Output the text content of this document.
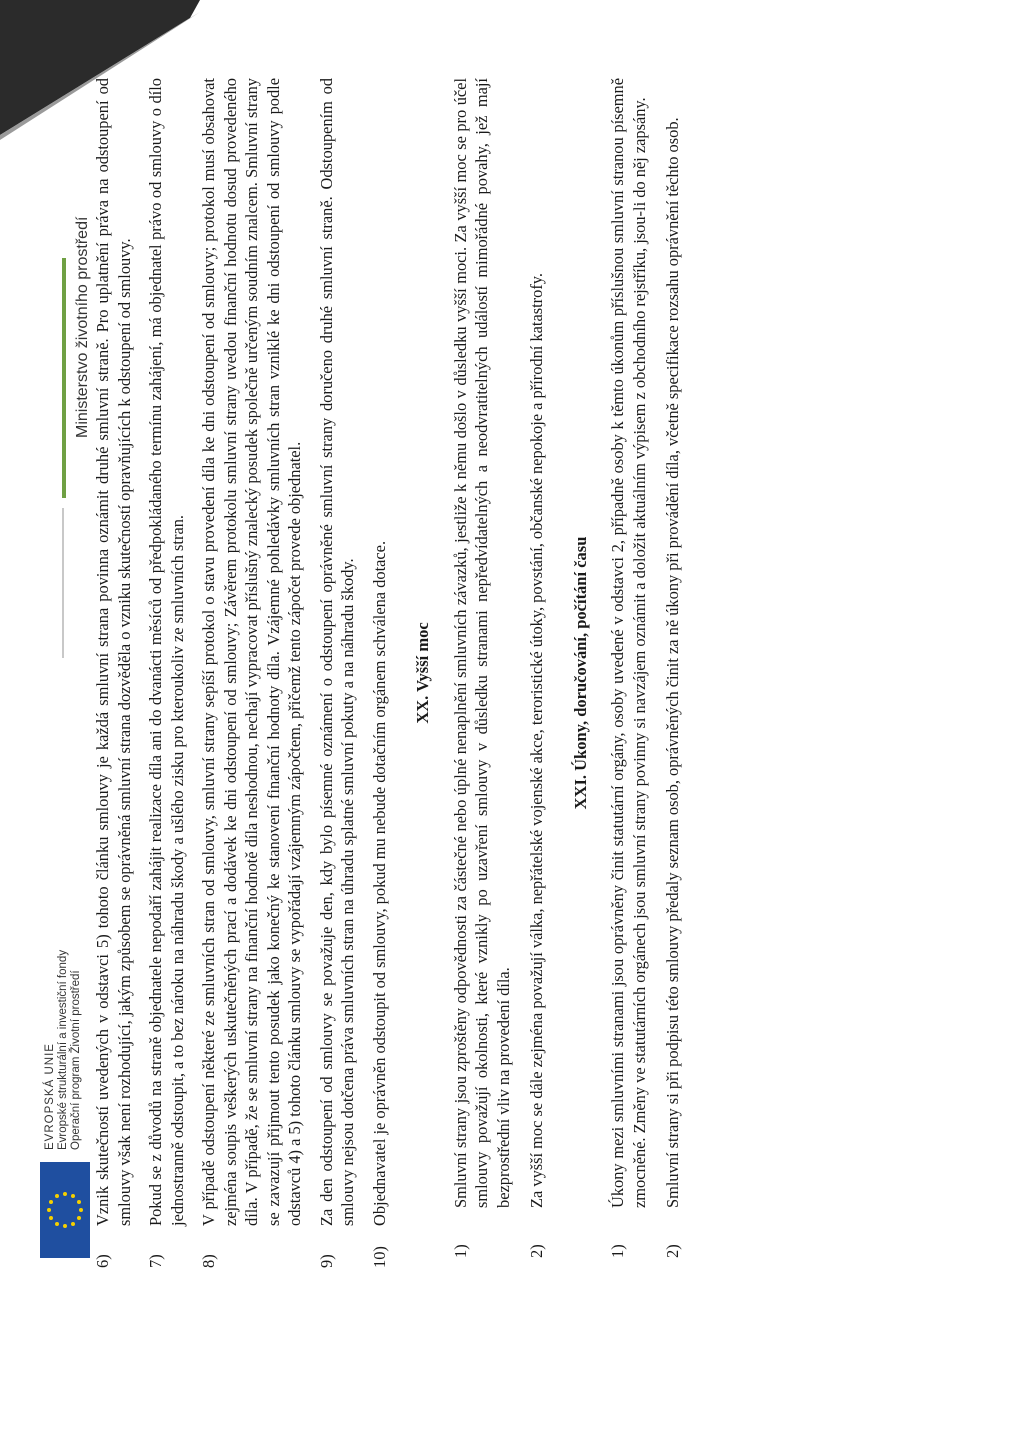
EVROPSKÁ UNIE Evropské strukturální a investiční fondy Operační program Životní prostředí
Ministerstvo životního prostředí
6)
Vznik skutečností uvedených v odstavci 5) tohoto článku smlouvy je každá smluvní strana povinna oznámit druhé smluvní straně. Pro uplatnění práva na odstoupení od smlouvy však není rozhodující, jakým způsobem se oprávněná smluvní strana dozvěděla o vzniku skutečností opravňujících k odstoupení od smlouvy.
7)
Pokud se z důvodů na straně objednatele nepodaří zahájit realizace díla ani do dvanácti měsíců od předpokládaného termínu zahájení, má objednatel právo od smlouvy o dílo jednostranně odstoupit, a to bez nároku na náhradu škody a ušlého zisku pro kteroukoliv ze smluvních stran.
8)
V případě odstoupení některé ze smluvních stran od smlouvy, smluvní strany sepíší protokol o stavu provedení díla ke dni odstoupení od smlouvy; protokol musí obsahovat zejména soupis veškerých uskutečněných prací a dodávek ke dni odstoupení od smlouvy; Závěrem protokolu smluvní strany uvedou finanční hodnotu dosud provedeného díla. V případě, že se smluvní strany na finanční hodnotě díla neshodnou, nechají vypracovat příslušný znalecký posudek společně určeným soudním znalcem. Smluvní strany se zavazují přijmout tento posudek jako konečný ke stanovení finanční hodnoty díla. Vzájemné pohledávky smluvních stran vzniklé ke dni odstoupení od smlouvy podle odstavců 4) a 5) tohoto článku smlouvy se vypořádají vzájemným zápočtem, přičemž tento zápočet provede objednatel.
9)
Za den odstoupení od smlouvy se považuje den, kdy bylo písemné oznámení o odstoupení oprávněné smluvní strany doručeno druhé smluvní straně. Odstoupením od smlouvy nejsou dotčena práva smluvních stran na úhradu splatné smluvní pokuty a na náhradu škody.
10)
Objednavatel je oprávněn odstoupit od smlouvy, pokud mu nebude dotačním orgánem schválena dotace. XX. Vyšší moc
1)
Smluvní strany jsou zproštěny odpovědnosti za částečné nebo úplné nenaplnění smluvních závazků, jestliže k němu došlo v důsledku vyšší moci. Za vyšší moc se pro účel smlouvy považují okolnosti, které vznikly po uzavření smlouvy v důsledku stranami nepředvídatelných a neodvratitelných událostí mimořádné povahy, jež mají bezprostřední vliv na provedení díla.
2)
Za vyšší moc se dále zejména považují válka, nepřátelské vojenské akce, teroristické útoky, povstání, občanské nepokoje a přírodní katastrofy. XXI. Úkony, doručování, počítání času
1)
Úkony mezi smluvními stranami jsou oprávněny činit statutární orgány, osoby uvedené v odstavci 2, případně osoby k těmto úkonům příslušnou smluvní stranou písemně zmocněné. Změny ve statutárních orgánech jsou smluvní strany povinny si navzájem oznámit a doložit aktuálním výpisem z obchodního rejstříku, jsou-li do něj zapsány.
2)
Smluvní strany si při podpisu této smlouvy předaly seznam osob, oprávněných činit za ně úkony při provádění díla, včetně specifikace rozsahu oprávnění těchto osob.
